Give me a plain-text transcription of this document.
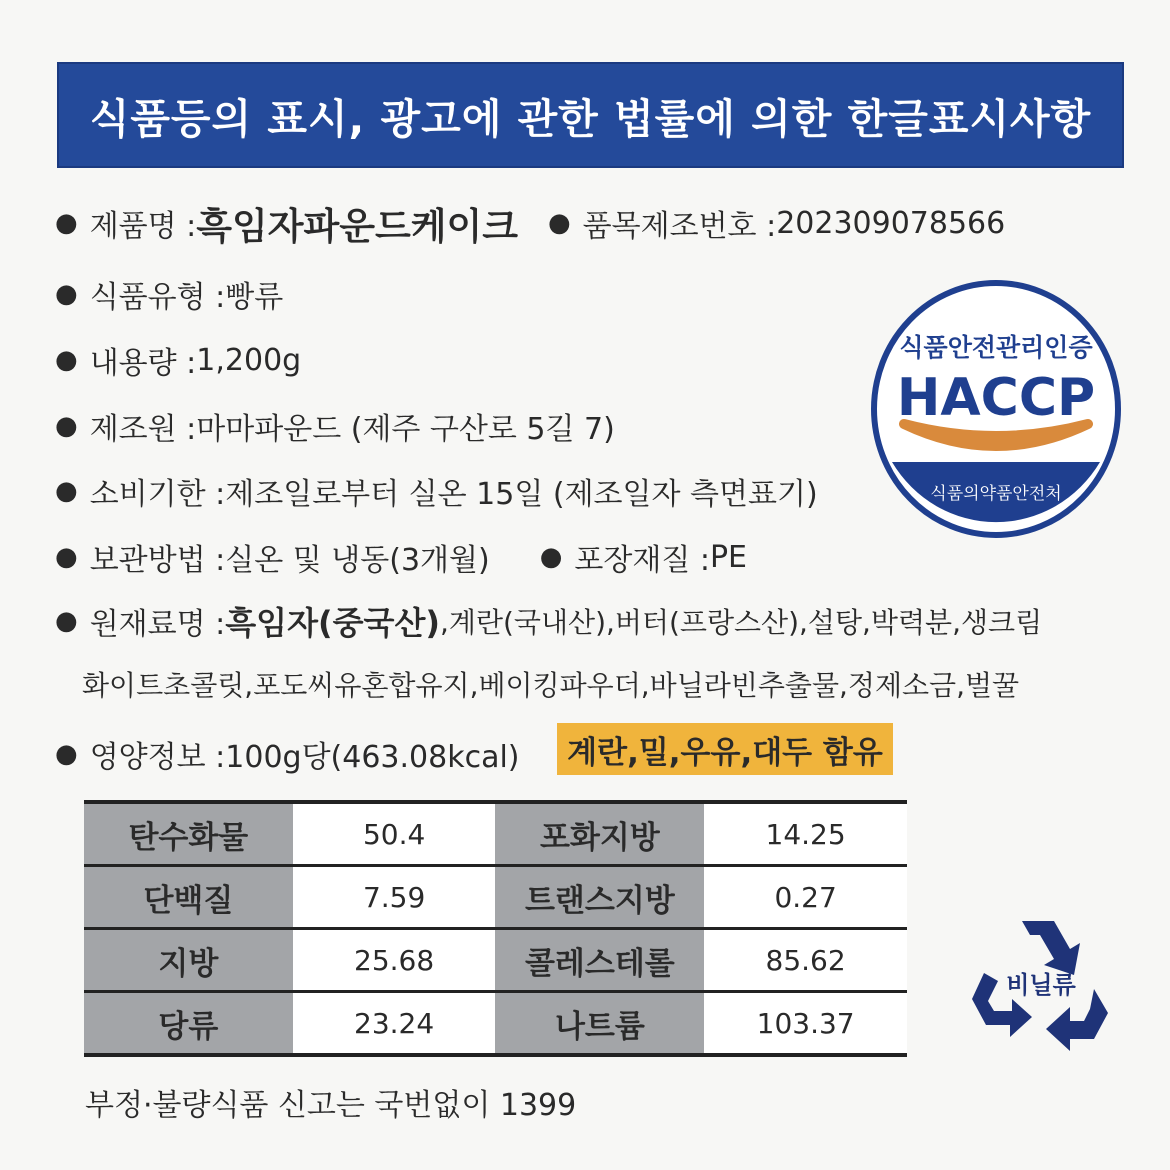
식품등의 표시, 광고에 관한 법률에 의한 한글표시사항
● 제품명 : 흑임자파운드케이크 ● 품목제조번호 : 202309078566
● 식품유형 : 빵류
● 내용량 : 1,200g
● 제조원 : 마마파운드 (제주 구산로 5길 7)
● 소비기한 : 제조일로부터 실온 15일 (제조일자 측면표기)
● 보관방법 : 실온 및 냉동(3개월) ● 포장재질 : PE
● 원재료명 : 흑임자(중국산) ,계란(국내산),버터(프랑스산),설탕,박력분,생크림
화이트초콜릿,포도씨유혼합유지,베이킹파우더,바닐라빈추출물,정제소금,벌꿀
● 영양정보 : 100g당(463.08kcal) 계란,밀,우유,대두 함유
탄수화물	50.4	포화지방	14.25
단백질	7.59	트랜스지방	0.27
지방	25.68	콜레스테롤	85.62
당류	23.24	나트륨	103.37
식품안전관리인증
HACCP
식품의약품안전처
비닐류
부정·불량식품 신고는 국번없이 1399
